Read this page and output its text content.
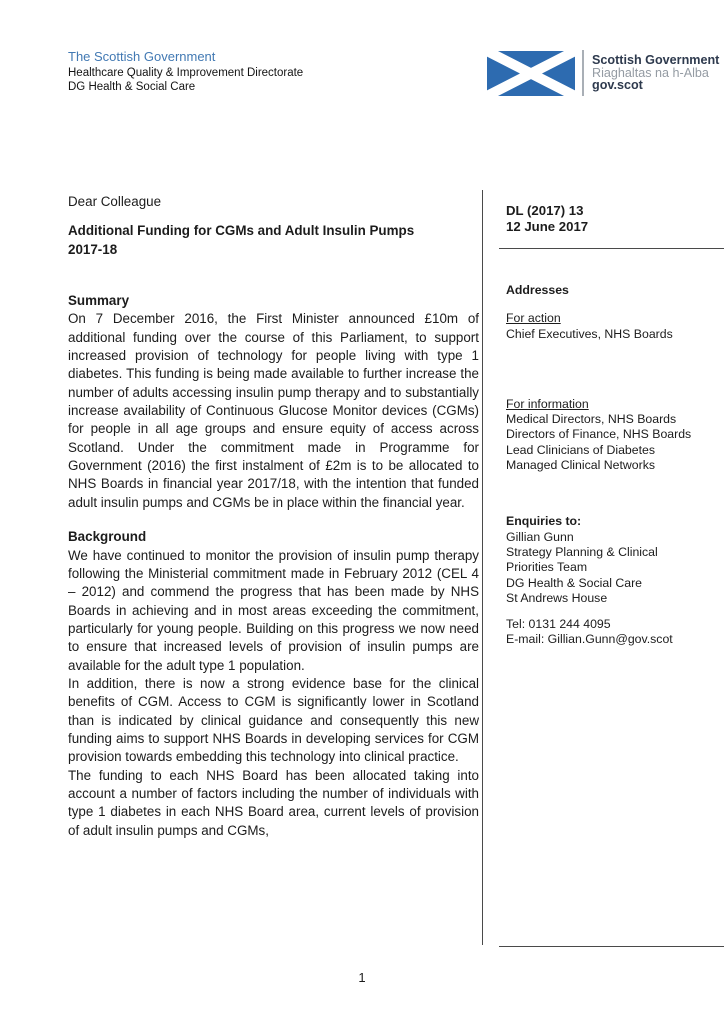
The Scottish Government
Healthcare Quality & Improvement Directorate
DG Health & Social Care
Scottish Government
Riaghaltas na h-Alba
gov.scot
Dear Colleague
Additional Funding for CGMs and Adult Insulin Pumps
2017-18
Summary

On 7 December 2016, the First Minister announced £10m of additional funding over the course of this Parliament, to support increased provision of technology for people living with type 1 diabetes. This funding is being made available to further increase the number of adults accessing insulin pump therapy and to substantially increase availability of Continuous Glucose Monitor devices (CGMs) for people in all age groups and ensure equity of access across Scotland. Under the commitment made in Programme for Government (2016) the first instalment of £2m is to be allocated to NHS Boards in financial year 2017/18, with the intention that funded adult insulin pumps and CGMs be in place within the financial year.

Background

We have continued to monitor the provision of insulin pump therapy following the Ministerial commitment made in February 2012 (CEL 4 – 2012) and commend the progress that has been made by NHS Boards in achieving and in most areas exceeding the commitment, particularly for young people. Building on this progress we now need to ensure that increased levels of provision of insulin pumps are available for the adult type 1 population.

In addition, there is now a strong evidence base for the clinical benefits of CGM. Access to CGM is significantly lower in Scotland than is indicated by clinical guidance and consequently this new funding aims to support NHS Boards in developing services for CGM provision towards embedding this technology into clinical practice.

The funding to each NHS Board has been allocated taking into account a number of factors including the number of individuals with type 1 diabetes in each NHS Board area, current levels of provision of adult insulin pumps and CGMs,

DL (2017) 13
12 June 2017
Addresses
For action
Chief Executives, NHS Boards
For information
Medical Directors, NHS Boards
Directors of Finance, NHS Boards
Lead Clinicians of Diabetes
Managed Clinical Networks
Enquiries to:
Gillian Gunn
Strategy Planning & Clinical
Priorities Team
DG Health & Social Care
St Andrews House
Tel: 0131 244 4095
E-mail: Gillian.Gunn@gov.scot
1
